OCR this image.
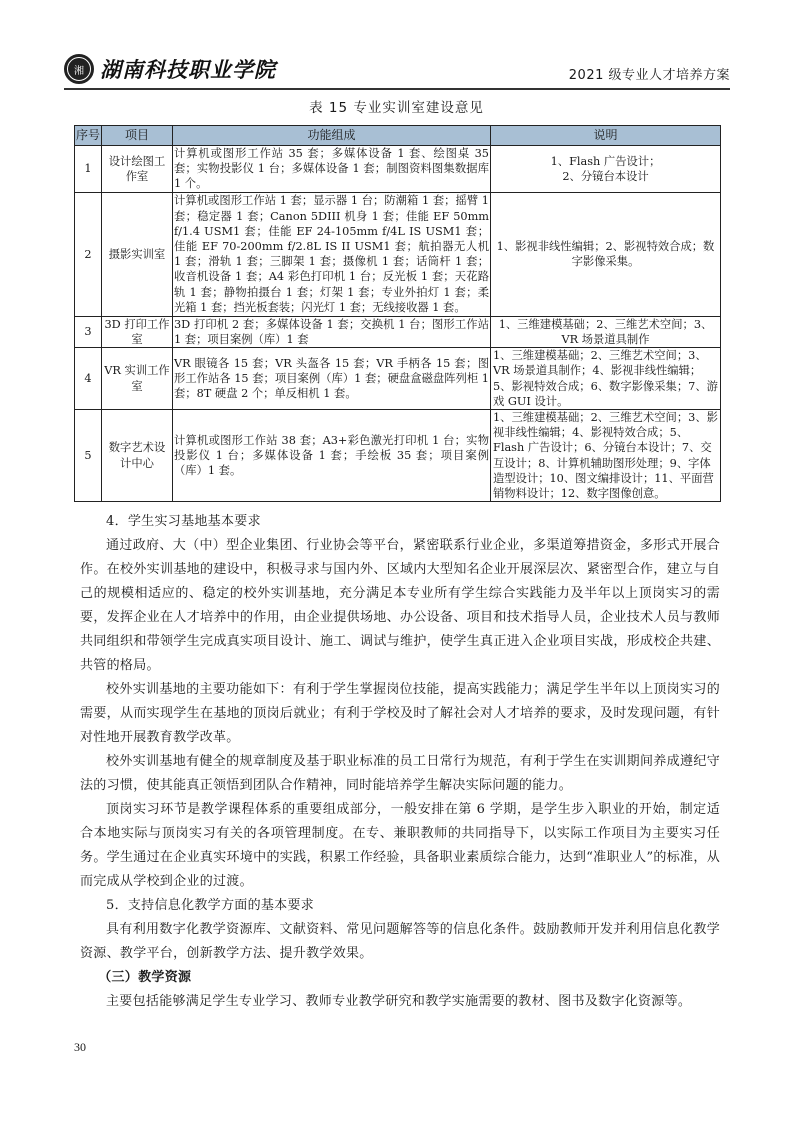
湘 湖南科技职业学院	2021 级专业人才培养方案
表 15 专业实训室建设意见
序号	项目	功能组成	说明
1	设计绘图工作室	计算机或图形工作站 35 套；多媒体设备 1 套、绘图桌 35 套；实物投影仪 1 台；多媒体设备 1 套；制图资料图集数据库 1 个。	1、Flash 广告设计；
2、分镜台本设计
2	摄影实训室	计算机或图形工作站 1 套；显示器 1 台；防潮箱 1 套；摇臂 1 套；稳定器 1 套；Canon 5DIII 机身 1 套；佳能 EF 50mm f/1.4 USM1 套；佳能 EF 24-105mm f/4L IS USM1 套；佳能 EF 70-200mm f/2.8L IS II USM1 套；航拍器无人机 1 套；滑轨 1 套；三脚架 1 套；摄像机 1 套；话筒杆 1 套；收音机设备 1 套；A4 彩色打印机 1 台；反光板 1 套；天花路轨 1 套；静物拍摄台 1 套；灯架 1 套；专业外拍灯 1 套；柔光箱 1 套；挡光板套装；闪光灯 1 套；无线接收器 1 套。	1、影视非线性编辑；2、影视特效合成；数字影像采集。
3	3D 打印工作室	3D 打印机 2 套；多媒体设备 1 套；交换机 1 台；图形工作站 1 套；项目案例（库）1 套	1、三维建模基础；2、三维艺术空间；3、VR 场景道具制作
4	VR 实训工作室	VR 眼镜各 15 套；VR 头盔各 15 套；VR 手柄各 15 套；图形工作站各 15 套；项目案例（库）1 套；硬盘盒磁盘阵列柜 1 套；8T 硬盘 2 个；单反相机 1 套。	1、三维建模基础；2、三维艺术空间；3、VR 场景道具制作；4、影视非线性编辑；5、影视特效合成；6、数字影像采集；7、游戏 GUI 设计。
5	数字艺术设计中心	计算机或图形工作站 38 套；A3+彩色激光打印机 1 台；实物投影仪 1 台；多媒体设备 1 套；手绘板 35 套；项目案例（库）1 套。	1、三维建模基础；2、三维艺术空间；3、影视非线性编辑；4、影视特效合成；5、Flash 广告设计；6、分镜台本设计；7、交互设计；8、计算机辅助图形处理；9、字体造型设计；10、图文编排设计；11、平面营销物料设计；12、数字图像创意。
4．学生实习基地基本要求

通过政府、大（中）型企业集团、行业协会等平台，紧密联系行业企业，多渠道筹措资金，多形式开展合作。在校外实训基地的建设中，积极寻求与国内外、区域内大型知名企业开展深层次、紧密型合作，建立与自己的规模相适应的、稳定的校外实训基地，充分满足本专业所有学生综合实践能力及半年以上顶岗实习的需要，发挥企业在人才培养中的作用，由企业提供场地、办公设备、项目和技术指导人员，企业技术人员与教师共同组织和带领学生完成真实项目设计、施工、调试与维护，使学生真正进入企业项目实战，形成校企共建、共管的格局。

校外实训基地的主要功能如下：有利于学生掌握岗位技能，提高实践能力；满足学生半年以上顶岗实习的需要，从而实现学生在基地的顶岗后就业；有利于学校及时了解社会对人才培养的要求，及时发现问题，有针对性地开展教育教学改革。

校外实训基地有健全的规章制度及基于职业标准的员工日常行为规范，有利于学生在实训期间养成遵纪守法的习惯，使其能真正领悟到团队合作精神，同时能培养学生解决实际问题的能力。

顶岗实习环节是教学课程体系的重要组成部分，一般安排在第 6 学期，是学生步入职业的开始，制定适合本地实际与顶岗实习有关的各项管理制度。在专、兼职教师的共同指导下，以实际工作项目为主要实习任务。学生通过在企业真实环境中的实践，积累工作经验，具备职业素质综合能力，达到“准职业人”的标准，从而完成从学校到企业的过渡。

5．支持信息化教学方面的基本要求

具有利用数字化教学资源库、文献资料、常见问题解答等的信息化条件。鼓励教师开发并利用信息化教学资源、教学平台，创新教学方法、提升教学效果。

（三）教学资源

主要包括能够满足学生专业学习、教师专业教学研究和教学实施需要的教材、图书及数字化资源等。

30
